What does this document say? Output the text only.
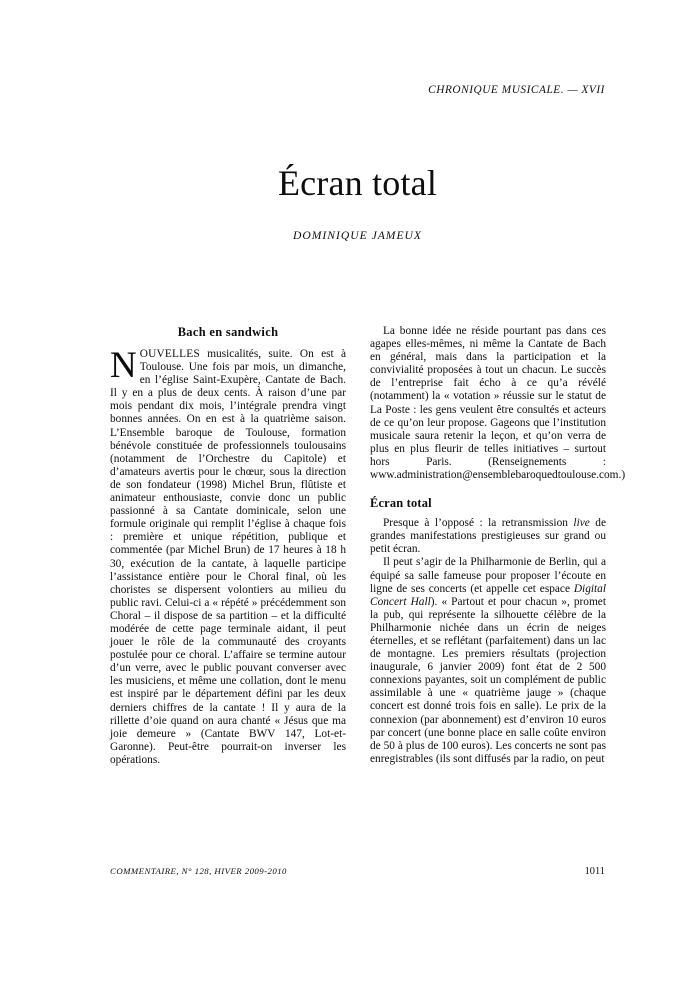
CHRONIQUE MUSICALE. — XVII
Écran total
DOMINIQUE JAMEUX
Bach en sandwich

NOUVELLES musicalités, suite. On est à Toulouse. Une fois par mois, un dimanche, en l’église Saint-Exupère, Cantate de Bach. Il y en a plus de deux cents. À raison d’une par mois pendant dix mois, l’intégrale prendra vingt bonnes années. On en est à la quatrième saison. L’Ensemble baroque de Toulouse, formation bénévole constituée de professionnels toulousains (notamment de l’Orchestre du Capitole) et d’amateurs avertis pour le chœur, sous la direction de son fondateur (1998) Michel Brun, flûtiste et animateur enthousiaste, convie donc un public passionné à sa Cantate dominicale, selon une formule originale qui remplit l’église à chaque fois : première et unique répétition, publique et commentée (par Michel Brun) de 17 heures à 18 h 30, exécution de la cantate, à laquelle participe l’assistance entière pour le Choral final, où les choristes se dispersent volontiers au milieu du public ravi. Celui-ci a « répété » précédemment son Choral – il dispose de sa partition – et la difficulté modérée de cette page terminale aidant, il peut jouer le rôle de la communauté des croyants postulée pour ce choral. L’affaire se termine autour d’un verre, avec le public pouvant converser avec les musiciens, et même une collation, dont le menu est inspiré par le département défini par les deux derniers chiffres de la cantate ! Il y aura de la rillette d’oie quand on aura chanté « Jésus que ma joie demeure » (Cantate BWV 147, Lot-et-Garonne). Peut-être pourrait-on inverser les opérations.

La bonne idée ne réside pourtant pas dans ces agapes elles-mêmes, ni même la Cantate de Bach en général, mais dans la participation et la convivialité proposées à tout un chacun. Le succès de l’entreprise fait écho à ce qu’a révélé (notamment) la « votation » réussie sur le statut de La Poste : les gens veulent être consultés et acteurs de ce qu’on leur propose. Gageons que l’institution musicale saura retenir la leçon, et qu’on verra de plus en plus fleurir de telles initiatives – surtout hors Paris. (Renseignements : www.administration@ensemblebaroquedtoulouse.com.)

Écran total

Presque à l’opposé : la retransmission live de grandes manifestations prestigieuses sur grand ou petit écran.

Il peut s’agir de la Philharmonie de Berlin, qui a équipé sa salle fameuse pour proposer l’écoute en ligne de ses concerts (et appelle cet espace Digital Concert Hall). « Partout et pour chacun », promet la pub, qui représente la silhouette célèbre de la Philharmonie nichée dans un écrin de neiges éternelles, et se reflétant (parfaitement) dans un lac de montagne. Les premiers résultats (projection inaugurale, 6 janvier 2009) font état de 2 500 connexions payantes, soit un complément de public assimilable à une « quatrième jauge » (chaque concert est donné trois fois en salle). Le prix de la connexion (par abonnement) est d’environ 10 euros par concert (une bonne place en salle coûte environ de 50 à plus de 100 euros). Les concerts ne sont pas enregistrables (ils sont diffusés par la radio, on peut

COMMENTAIRE, N° 128, HIVER 2009-2010	1011
